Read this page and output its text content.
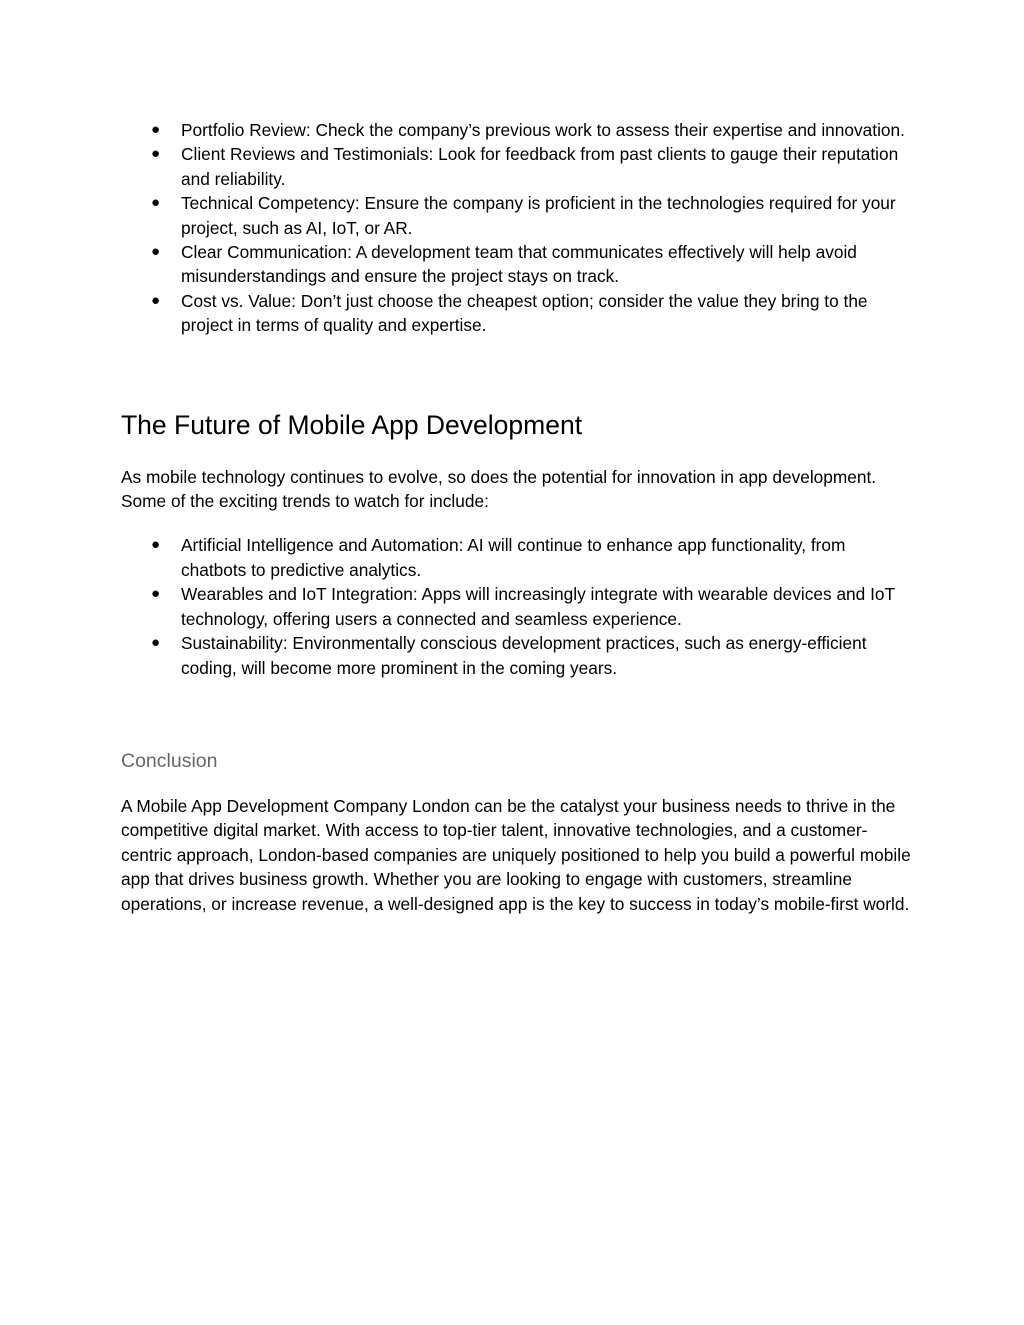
● Portfolio Review: Check the company’s previous work to assess their expertise and innovation.
● Client Reviews and Testimonials: Look for feedback from past clients to gauge their reputation and reliability.
● Technical Competency: Ensure the company is proficient in the technologies required for your project, such as AI, IoT, or AR.
● Clear Communication: A development team that communicates effectively will help avoid misunderstandings and ensure the project stays on track.
● Cost vs. Value: Don’t just choose the cheapest option; consider the value they bring to the project in terms of quality and expertise.
The Future of Mobile App Development

As mobile technology continues to evolve, so does the potential for innovation in app development. Some of the exciting trends to watch for include:

● Artificial Intelligence and Automation: AI will continue to enhance app functionality, from chatbots to predictive analytics.
● Wearables and IoT Integration: Apps will increasingly integrate with wearable devices and IoT technology, offering users a connected and seamless experience.
● Sustainability: Environmentally conscious development practices, such as energy-efficient coding, will become more prominent in the coming years.
Conclusion

A Mobile App Development Company London can be the catalyst your business needs to thrive in the competitive digital market. With access to top-tier talent, innovative technologies, and a customer-centric approach, London-based companies are uniquely positioned to help you build a powerful mobile app that drives business growth. Whether you are looking to engage with customers, streamline operations, or increase revenue, a well-designed app is the key to success in today’s mobile-first world.
